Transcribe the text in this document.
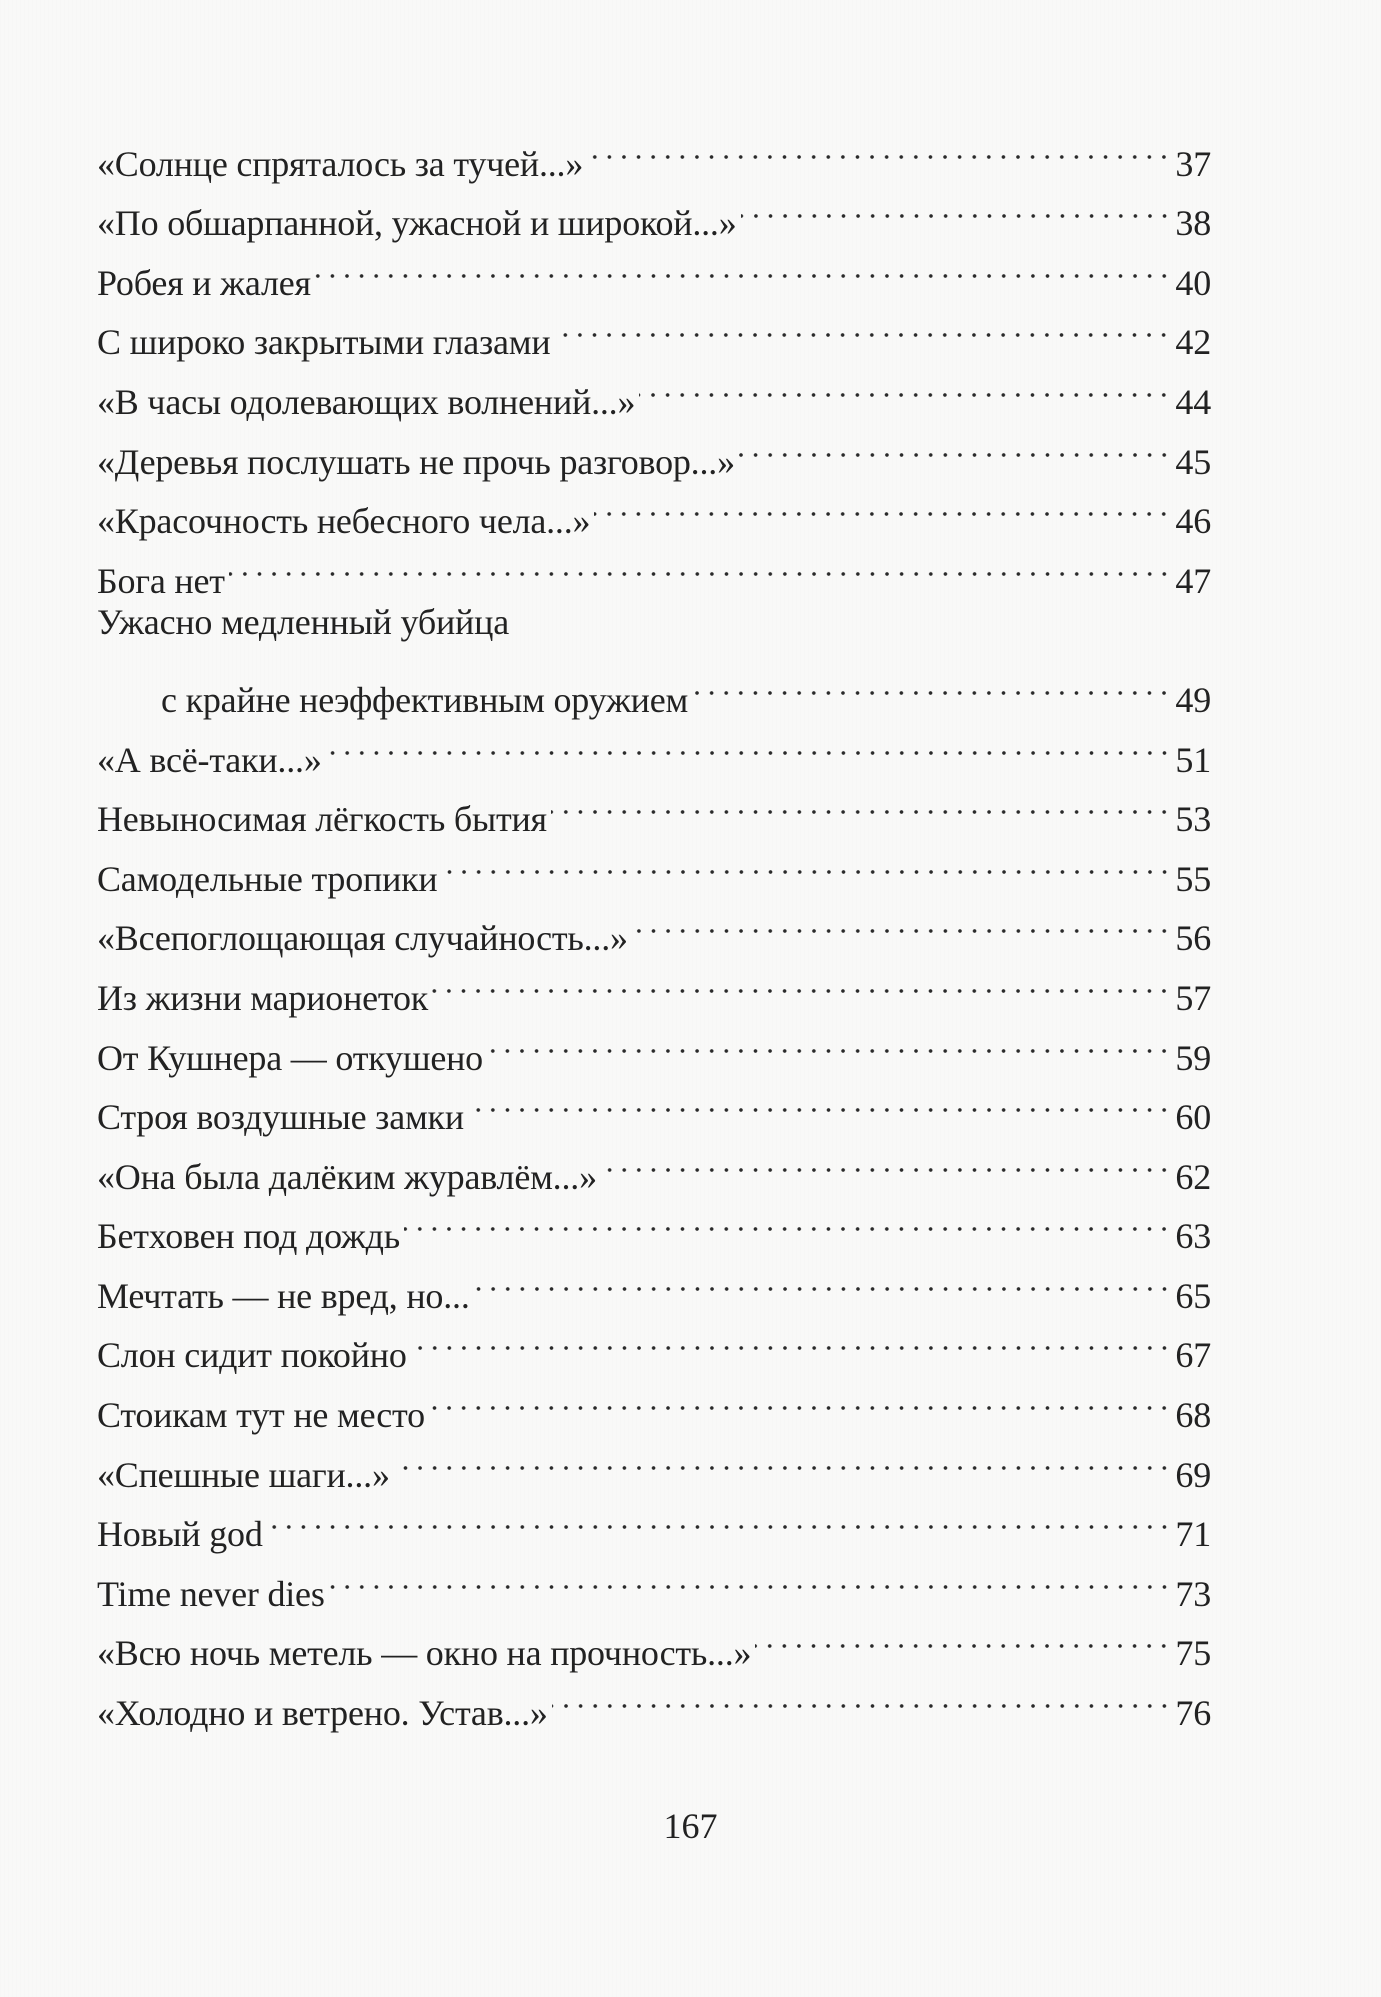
«Солнце спряталось за тучей...»	37
«По обшарпанной, ужасной и широкой...»	38
Робея и жалея	40
С широко закрытыми глазами	42
«В часы одолевающих волнений...»	44
«Деревья послушать не прочь разговор...»	45
«Красочность небесного чела...»	46
Бога нет	47
Ужасно медленный убийца
с крайне неэффективным оружием	49
«А всё-таки...»	51
Невыносимая лёгкость бытия	53
Самодельные тропики	55
«Всепоглощающая случайность...»	56
Из жизни марионеток	57
От Кушнера — откушено	59
Строя воздушные замки	60
«Она была далёким журавлём...»	62
Бетховен под дождь	63
Мечтать — не вред, но...	65
Слон сидит покойно	67
Стоикам тут не место	68
«Спешные шаги...»	69
Новый god	71
Time never dies	73
«Всю ночь метель — окно на прочность...»	75
«Холодно и ветрено. Устав...»	76
167
